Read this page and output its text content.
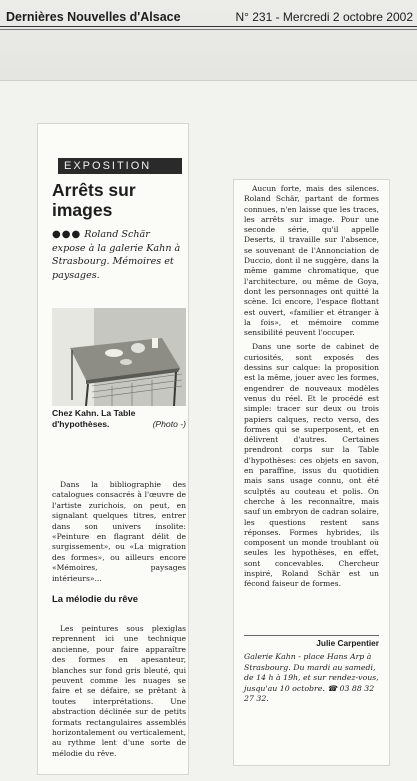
Dernières Nouvelles d'Alsace	N° 231 - Mercredi 2 octobre 2002
EXPOSITION
Arrêts sur images
●●● Roland Schär expose à la galerie Kahn à Strasbourg. Mémoires et paysages.
Chez Kahn. La Table d'hypothèses.	(Photo -)

Dans la bibliographie des catalogues consacrés à l'œuvre de l'artiste zurichois, on peut, en signalant quelques titres, entrer dans son univers insolite: «Peinture en flagrant délit de surgissement», ou «La migration des formes», ou ailleurs encore «Mémoires, paysages intérieurs»...

La mélodie du rêve

Les peintures sous plexiglas reprennent ici une technique ancienne, pour faire apparaître des formes en apesanteur, blanches sur fond gris bleuté, qui peuvent comme les nuages se faire et se défaire, se prêtant à toutes interprétations. Une abstraction déclinée sur de petits formats rectangulaires assemblés horizontalement ou verticalement, au rythme lent d'une sorte de mélodie du rêve.

Aucun forte, mais des silences. Roland Schär, partant de formes connues, n'en laisse que les traces, les arrêts sur image. Pour une seconde série, qu'il appelle Deserts, il travaille sur l'absence, se souvenant de l'Annonciation de Duccio, dont il ne suggère, dans la même gamme chromatique, que l'architecture, ou même de Goya, dont les personnages ont quitté la scène. Ici encore, l'espace flottant est ouvert, «familier et étranger à la fois», et mémoire comme sensibilité peuvent l'occuper.

Dans une sorte de cabinet de curiosités, sont exposés des dessins sur calque: la proposition est la même, jouer avec les formes, engendrer de nouveaux modèles venus du réel. Et le procédé est simple: tracer sur deux ou trois papiers calques, recto verso, des formes qui se superposent, et en délivrent d'autres. Certaines prendront corps sur la Table d'hypothèses: ces objets en savon, en paraffine, issus du quotidien mais sans usage connu, ont été sculptés au couteau et polis. On cherche à les reconnaître, mais sauf un embryon de cadran solaire, les questions restent sans réponses. Formes hybrides, ils composent un monde troublant où seules les hypothèses, en effet, sont concevables. Chercheur inspiré, Roland Schär est un fécond faiseur de formes.

Julie Carpentier
Galerie Kahn - place Hans Arp à Strasbourg. Du mardi au samedi, de 14 h à 19h, et sur rendez-vous, jusqu'au 10 octobre. ☎ 03 88 32 27 32.
